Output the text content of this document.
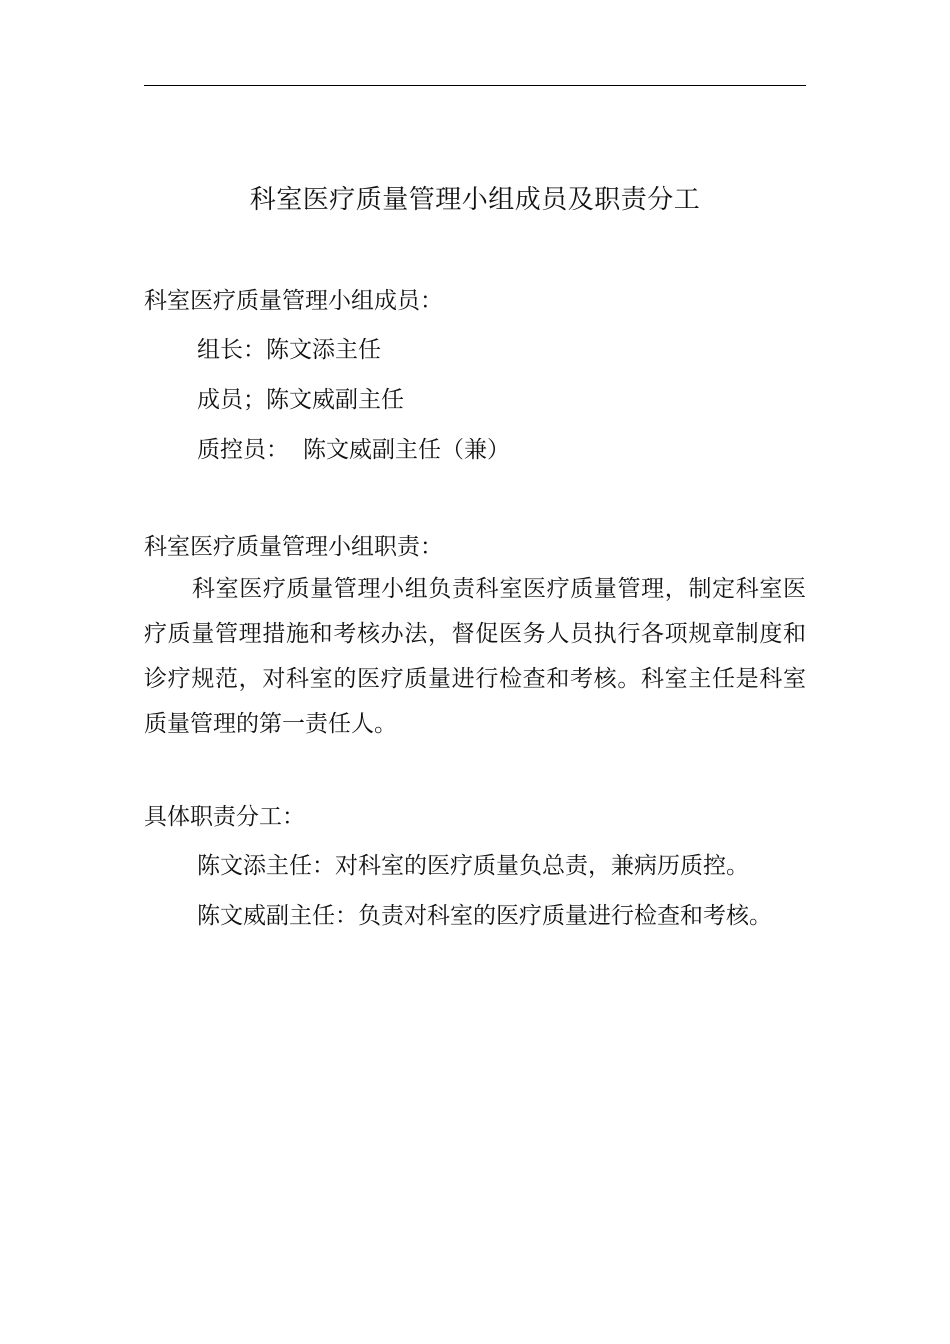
科室医疗质量管理小组成员及职责分工
科室医疗质量管理小组成员：
组长：陈文添主任
成员；陈文威副主任
质控员： 陈文威副主任（兼）
科室医疗质量管理小组职责：
科室医疗质量管理小组负责科室医疗质量管理，制定科室医疗质量管理措施和考核办法，督促医务人员执行各项规章制度和诊疗规范，对科室的医疗质量进行检查和考核。科室主任是科室质量管理的第一责任人。
具体职责分工：
陈文添主任：对科室的医疗质量负总责，兼病历质控。
陈文威副主任：负责对科室的医疗质量进行检查和考核。
